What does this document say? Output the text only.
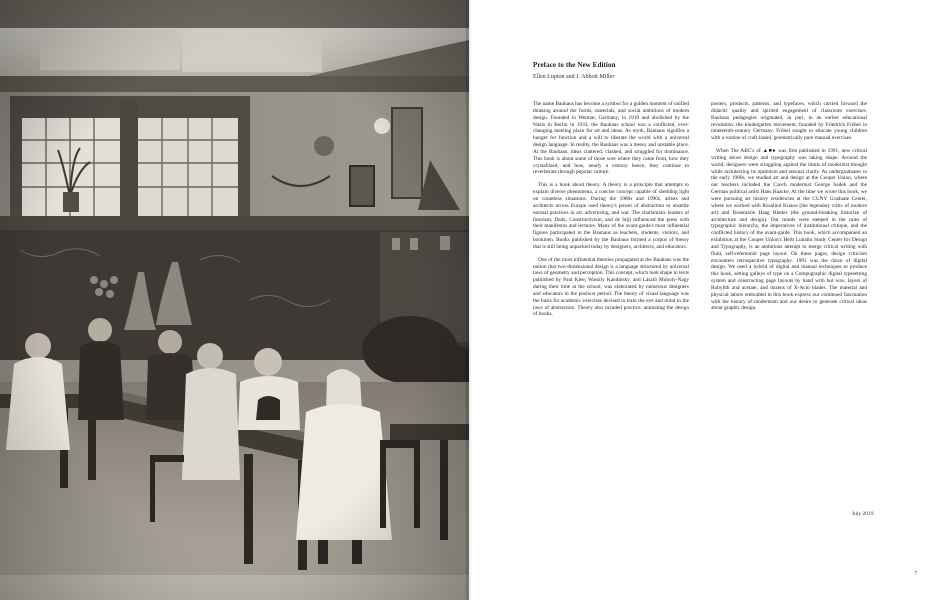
Preface to the New Edition
Ellen Lupton and J. Abbott Miller

The name Bauhaus has become a symbol for a golden moment of unified thinking around the forms, materials, and social ambitions of modern design. Founded in Weimar, Germany, in 1919 and abolished by the Nazis in Berlin in 1933, the Bauhaus school was a conflicted, ever-changing meeting place for art and ideas. As myth, Bauhaus signifies a hunger for function and a will to liberate the world with a universal design language. In reality, the Bauhaus was a messy and unstable place. At the Bauhaus, ideas clattered, clashed, and struggled for dominance. This book is about some of those sore where they came from, how they crystallized, and how, nearly a century hence, they continue to reverberate through popular culture.

This is a book about theory. A theory is a principle that attempts to explain diverse phenomena, a concise concept capable of shedding light on countless situations. During the 1980s and 1990s, artists and architects across Europe used theory's power of abstraction to unsettle normal practices in art, advertising, and war. The charismatic leaders of futurism, Dada, Constructivism, and de Stijl influenced the press with their manifestos and lectures. Many of the avant-garde's most influential figures participated in the Bauhaus as teachers, students, visitors, and bookmen. Books published by the Bauhaus formed a corpus of theory that is still being unpacked today by designers, architects, and educators.

One of the most influential theories propagated at the Bauhaus was the notion that two-dimensional design is a language structured by universal laws of geometry and perception. This concept, which took shape in texts published by Paul Klee, Wassily Kandinsky, and László Moholy-Nagy during their time at the school, was elaborated by numerous designers and educators in the postwar period. The theory of visual language was the basis for academic exercises devised to train the eye and mind in the laws of abstraction. Theory also invaded practice, animating the design of books,

posters, products, patterns, and typefaces, which carried forward the didactic quality and spirited engagement of classroom exercises. Bauhaus pedagogies originated, in part, in an earlier educational revolution: the kindergarten movement, founded by Friedrich Fröbel in nineteenth-century Germany. Fröbel sought to educate young children with a routine of craft-based, geometrically pure manual exercises.

When The ABC's of ▲■● was first published in 1991, new critical writing about design and typography was taking shape. Around the world, designers were struggling against the limits of modernist thought while architecting its optimism and sensual clarity. As undergraduates in the early 1980s, we studied art and design at the Cooper Union, where our teachers included the Czech modernist George Sadek and the German political artist Hans Haacke. At the time we wrote this book, we were pursuing art history residencies at the CUNY Graduate Center, where we worked with Rosalind Krauss (the legendary critic of modern art) and Rosemarie Haag Bletter (the ground-breaking historian of architecture and design). Our minds were steeped in the rules of typographic hierarchy, the imperatives of institutional critique, and the conflicted history of the avant-garde. This book, which accompanied an exhibition at the Cooper Union's Herb Lubalin Study Center for Design and Typography, is an ambitious attempt to merge critical writing with fluid, self-referential page layout. On these pages, design criticism encounters retrospective typography. 1991 was the dawn of digital design. We used a hybrid of digital and manual techniques to produce this book, setting galleys of type on a Compugraphic digital typesetting system and constructing page layouts by hand with hot wax, layers of Rubylith and acetate, and dozens of X-Acto blades. The material and physical labors embodied in this book express our continued fascination with the history of modernism and our desire to generate critical ideas about graphic design.

July 2019
7
